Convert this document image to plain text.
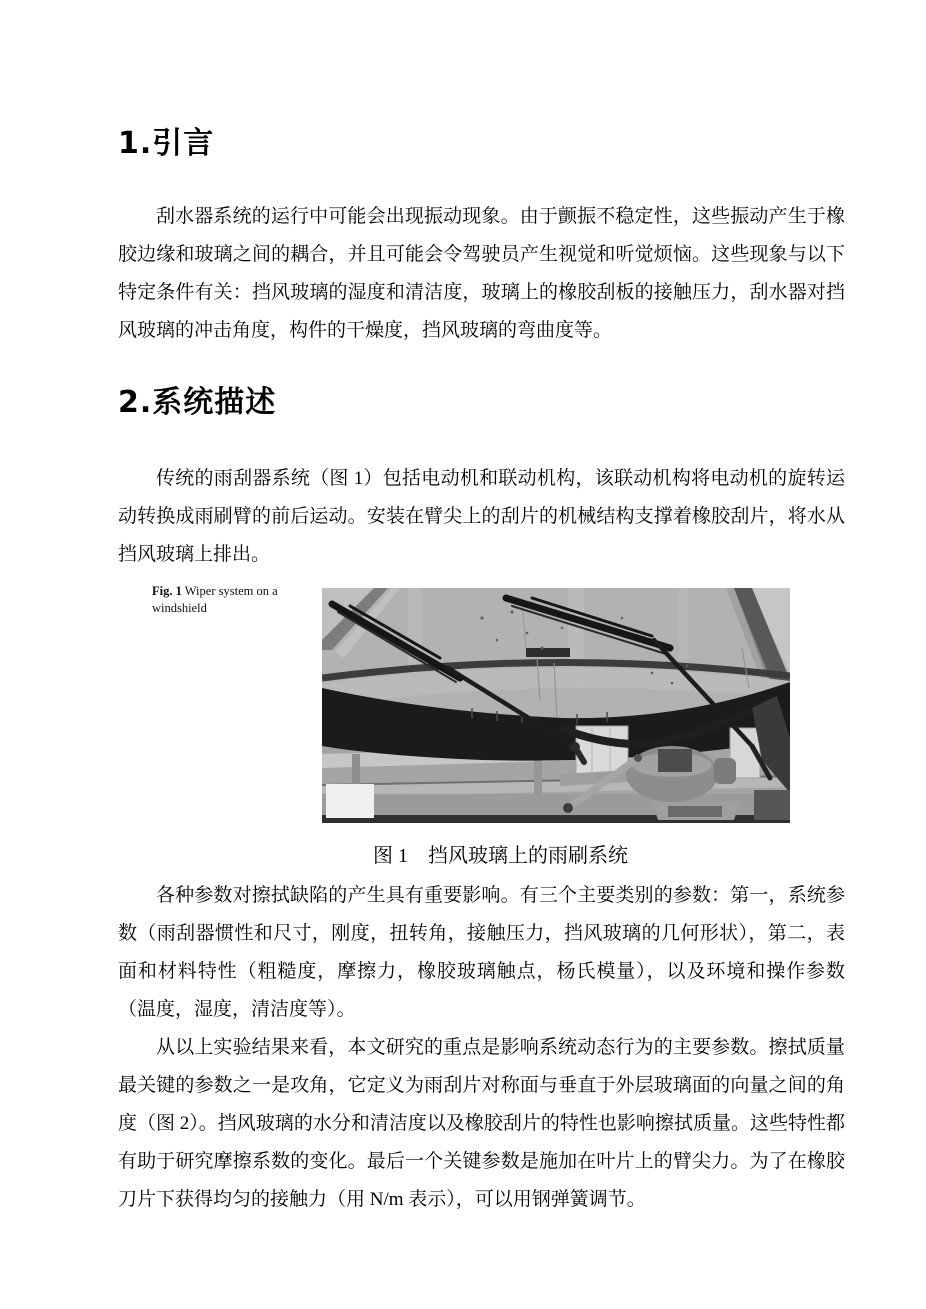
1.引言
刮水器系统的运行中可能会出现振动现象。由于颤振不稳定性，这些振动产生于橡胶边缘和玻璃之间的耦合，并且可能会令驾驶员产生视觉和听觉烦恼。这些现象与以下特定条件有关：挡风玻璃的湿度和清洁度，玻璃上的橡胶刮板的接触压力，刮水器对挡风玻璃的冲击角度，构件的干燥度，挡风玻璃的弯曲度等。
2.系统描述
传统的雨刮器系统（图 1）包括电动机和联动机构，该联动机构将电动机的旋转运动转换成雨刷臂的前后运动。安装在臂尖上的刮片的机械结构支撑着橡胶刮片，将水从挡风玻璃上排出。
Fig. 1 Wiper system on a windshield
图 1　挡风玻璃上的雨刷系统
各种参数对擦拭缺陷的产生具有重要影响。有三个主要类别的参数：第一，系统参数（雨刮器惯性和尺寸，刚度，扭转角，接触压力，挡风玻璃的几何形状），第二，表面和材料特性（粗糙度，摩擦力，橡胶玻璃触点，杨氏模量），以及环境和操作参数（温度，湿度，清洁度等）。
从以上实验结果来看，本文研究的重点是影响系统动态行为的主要参数。擦拭质量最关键的参数之一是攻角，它定义为雨刮片对称面与垂直于外层玻璃面的向量之间的角度（图 2）。挡风玻璃的水分和清洁度以及橡胶刮片的特性也影响擦拭质量。这些特性都有助于研究摩擦系数的变化。最后一个关键参数是施加在叶片上的臂尖力。为了在橡胶刀片下获得均匀的接触力（用 N/m 表示），可以用钢弹簧调节。
